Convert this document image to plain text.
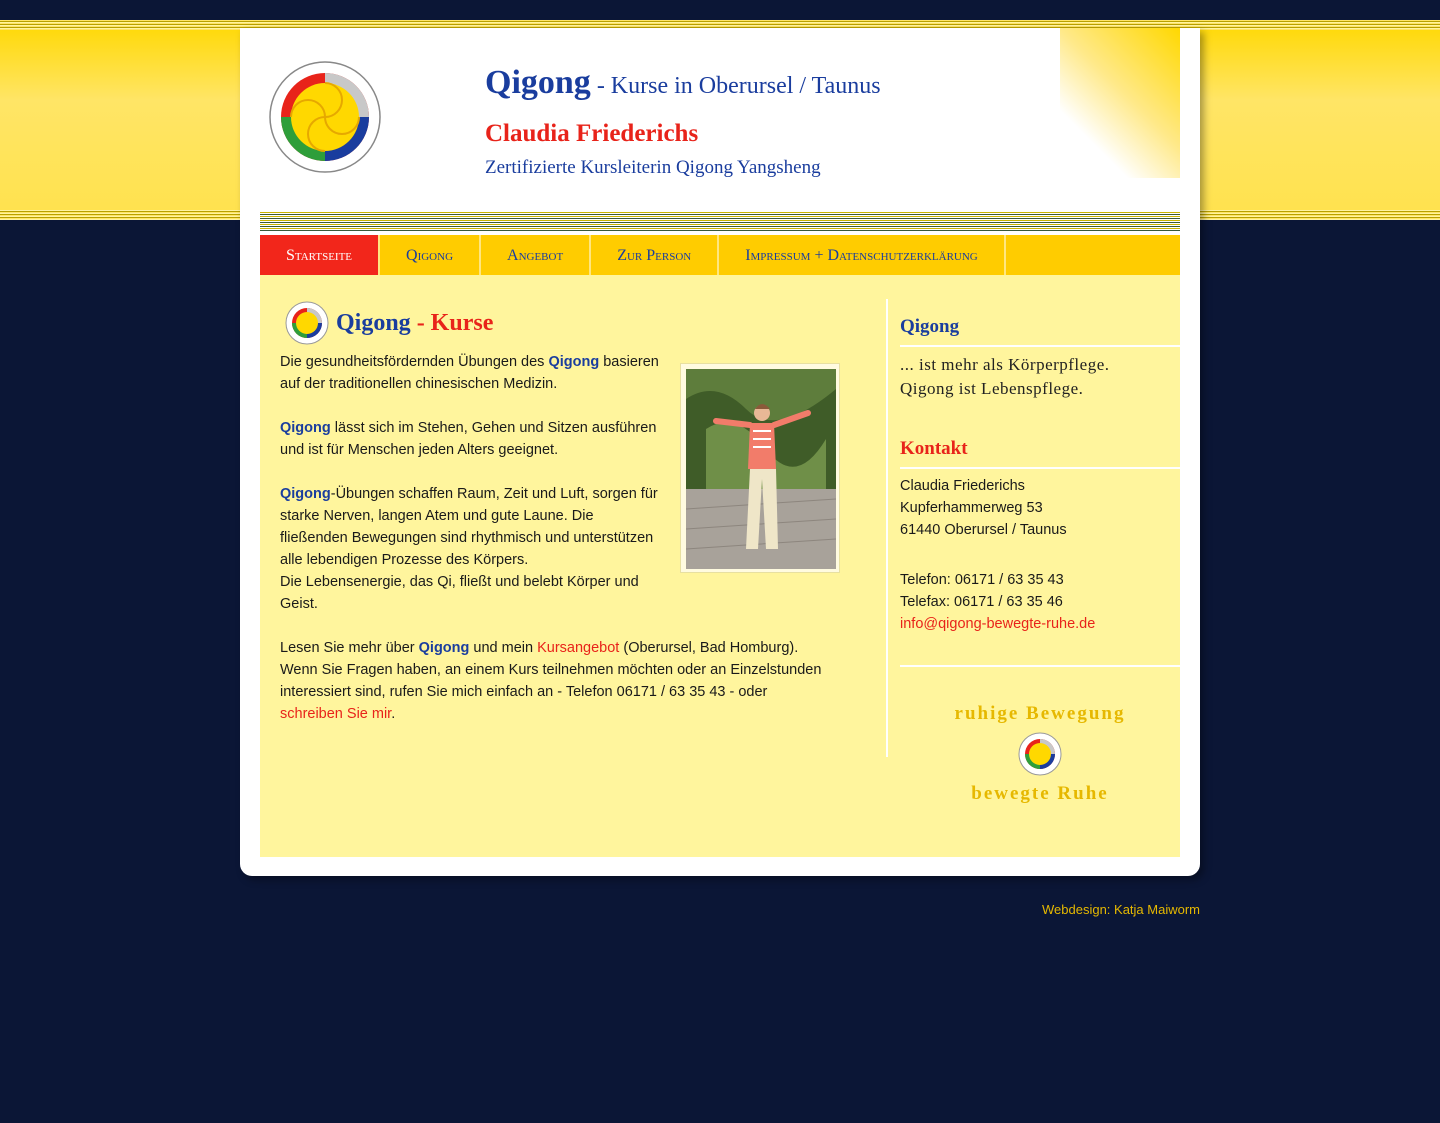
Qigong - Kurse in Oberursel / Taunus
Claudia Friederichs
Zertifizierte Kursleiterin Qigong Yangsheng
Startseite	Qigong	Angebot	Zur Person	Impressum + Datenschutzerklärung
Qigong - Kurse

Die gesundheitsfördernden Übungen des Qigong basieren auf der traditionellen chinesischen Medizin.

Qigong lässt sich im Stehen, Gehen und Sitzen ausführen und ist für Menschen jeden Alters geeignet.

Qigong-Übungen schaffen Raum, Zeit und Luft, sorgen für starke Nerven, langen Atem und gute Laune. Die fließenden Bewegungen sind rhythmisch und unterstützen alle lebendigen Prozesse des Körpers.
Die Lebensenergie, das Qi, fließt und belebt Körper und Geist.

Lesen Sie mehr über Qigong und mein Kursangebot (Oberursel, Bad Homburg).
Wenn Sie Fragen haben, an einem Kurs teilnehmen möchten oder an Einzelstunden interessiert sind, rufen Sie mich einfach an - Telefon 06171 / 63 35 43 - oder
schreiben Sie mir.

Qigong
... ist mehr als Körperpflege.
Qigong ist Lebenspflege.
Kontakt
Claudia Friederichs
Kupferhammerweg 53
61440 Oberursel / Taunus
Telefon: 06171 / 63 35 43
Telefax: 06171 / 63 35 46
info@qigong-bewegte-ruhe.de
ruhige Bewegung
bewegte Ruhe
Webdesign: Katja Maiworm
